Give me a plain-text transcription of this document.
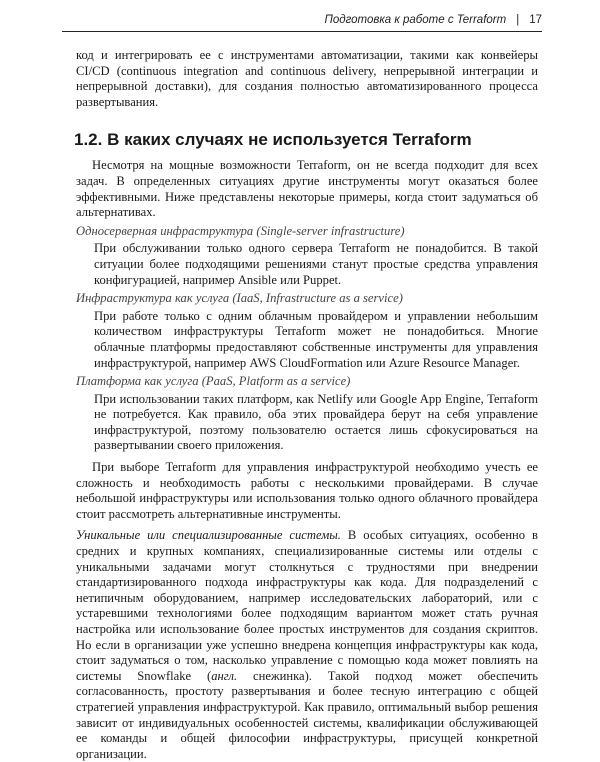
Подготовка к работе с Terraform | 17

код и интегрировать ее с инструментами автоматизации, такими как конвейеры CI/CD (continuous integration and continuous delivery, непрерывной интеграции и непрерывной доставки), для создания полностью автоматизированного процесса развертывания.

1.2. В каких случаях не используется Terraform

Несмотря на мощные возможности Terraform, он не всегда подходит для всех задач. В определенных ситуациях другие инструменты могут оказаться более эффективными. Ниже представлены некоторые примеры, когда стоит задуматься об альтернативах.

Односерверная инфраструктура (Single-server infrastructure)

При обслуживании только одного сервера Terraform не понадобится. В такой ситуации более подходящими решениями станут простые средства управления конфигурацией, например Ansible или Puppet.

Инфраструктура как услуга (IaaS, Infrastructure as a service)

При работе только с одним облачным провайдером и управлении небольшим количеством инфраструктуры Terraform может не понадобиться. Многие облачные платформы предоставляют собственные инструменты для управления инфраструктурой, например AWS CloudFormation или Azure Resource Manager.

Платформа как услуга (PaaS, Platform as a service)

При использовании таких платформ, как Netlify или Google App Engine, Terraform не потребуется. Как правило, оба этих провайдера берут на себя управление инфраструктурой, поэтому пользователю остается лишь сфокусироваться на развертывании своего приложения.

При выборе Terraform для управления инфраструктурой необходимо учесть ее сложность и необходимость работы с несколькими провайдерами. В случае небольшой инфраструктуры или использования только одного облачного провайдера стоит рассмотреть альтернативные инструменты.

Уникальные или специализированные системы. В особых ситуациях, особенно в средних и крупных компаниях, специализированные системы или отделы с уникальными задачами могут столкнуться с трудностями при внедрении стандартизированного подхода инфраструктуры как кода. Для подразделений с нетипичным оборудованием, например исследовательских лабораторий, или с устаревшими технологиями более подходящим вариантом может стать ручная настройка или использование более простых инструментов для создания скриптов. Но если в организации уже успешно внедрена концепция инфраструктуры как кода, стоит задуматься о том, насколько управление с помощью кода может повлиять на системы Snowflake (англ. снежинка). Такой подход может обеспечить согласованность, простоту развертывания и более тесную интеграцию с общей стратегией управления инфраструктурой. Как правило, оптимальный выбор решения зависит от индивидуальных особенностей системы, квалификации обслуживающей ее команды и общей философии инфраструктуры, присущей конкретной организации.
